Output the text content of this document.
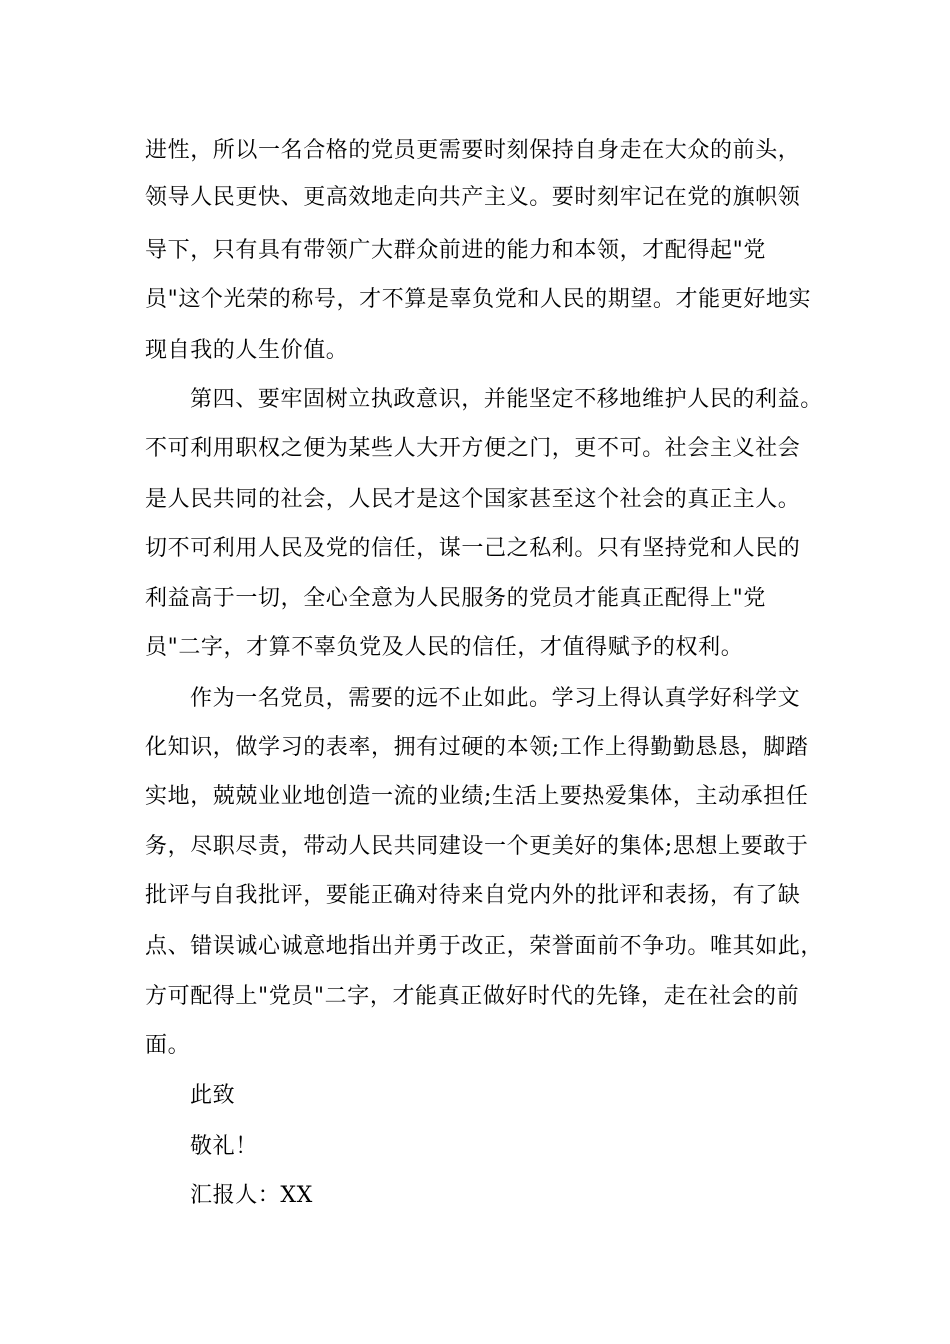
进性，所以一名合格的党员更需要时刻保持自身走在大众的前头，
领导人民更快、更高效地走向共产主义。要时刻牢记在党的旗帜领
导下，只有具有带领广大群众前进的能力和本领，才配得起"党
员"这个光荣的称号，才不算是辜负党和人民的期望。才能更好地实
现自我的人生价值。
第四、要牢固树立执政意识，并能坚定不移地维护人民的利益。
不可利用职权之便为某些人大开方便之门，更不可。社会主义社会
是人民共同的社会，人民才是这个国家甚至这个社会的真正主人。
切不可利用人民及党的信任，谋一己之私利。只有坚持党和人民的
利益高于一切，全心全意为人民服务的党员才能真正配得上"党
员"二字，才算不辜负党及人民的信任，才值得赋予的权利。
作为一名党员，需要的远不止如此。学习上得认真学好科学文
化知识，做学习的表率，拥有过硬的本领;工作上得勤勤恳恳，脚踏
实地，兢兢业业地创造一流的业绩;生活上要热爱集体，主动承担任
务，尽职尽责，带动人民共同建设一个更美好的集体;思想上要敢于
批评与自我批评，要能正确对待来自党内外的批评和表扬，有了缺
点、错误诚心诚意地指出并勇于改正，荣誉面前不争功。唯其如此，
方可配得上"党员"二字，才能真正做好时代的先锋，走在社会的前
面。
此致
敬礼！
汇报人：XX
